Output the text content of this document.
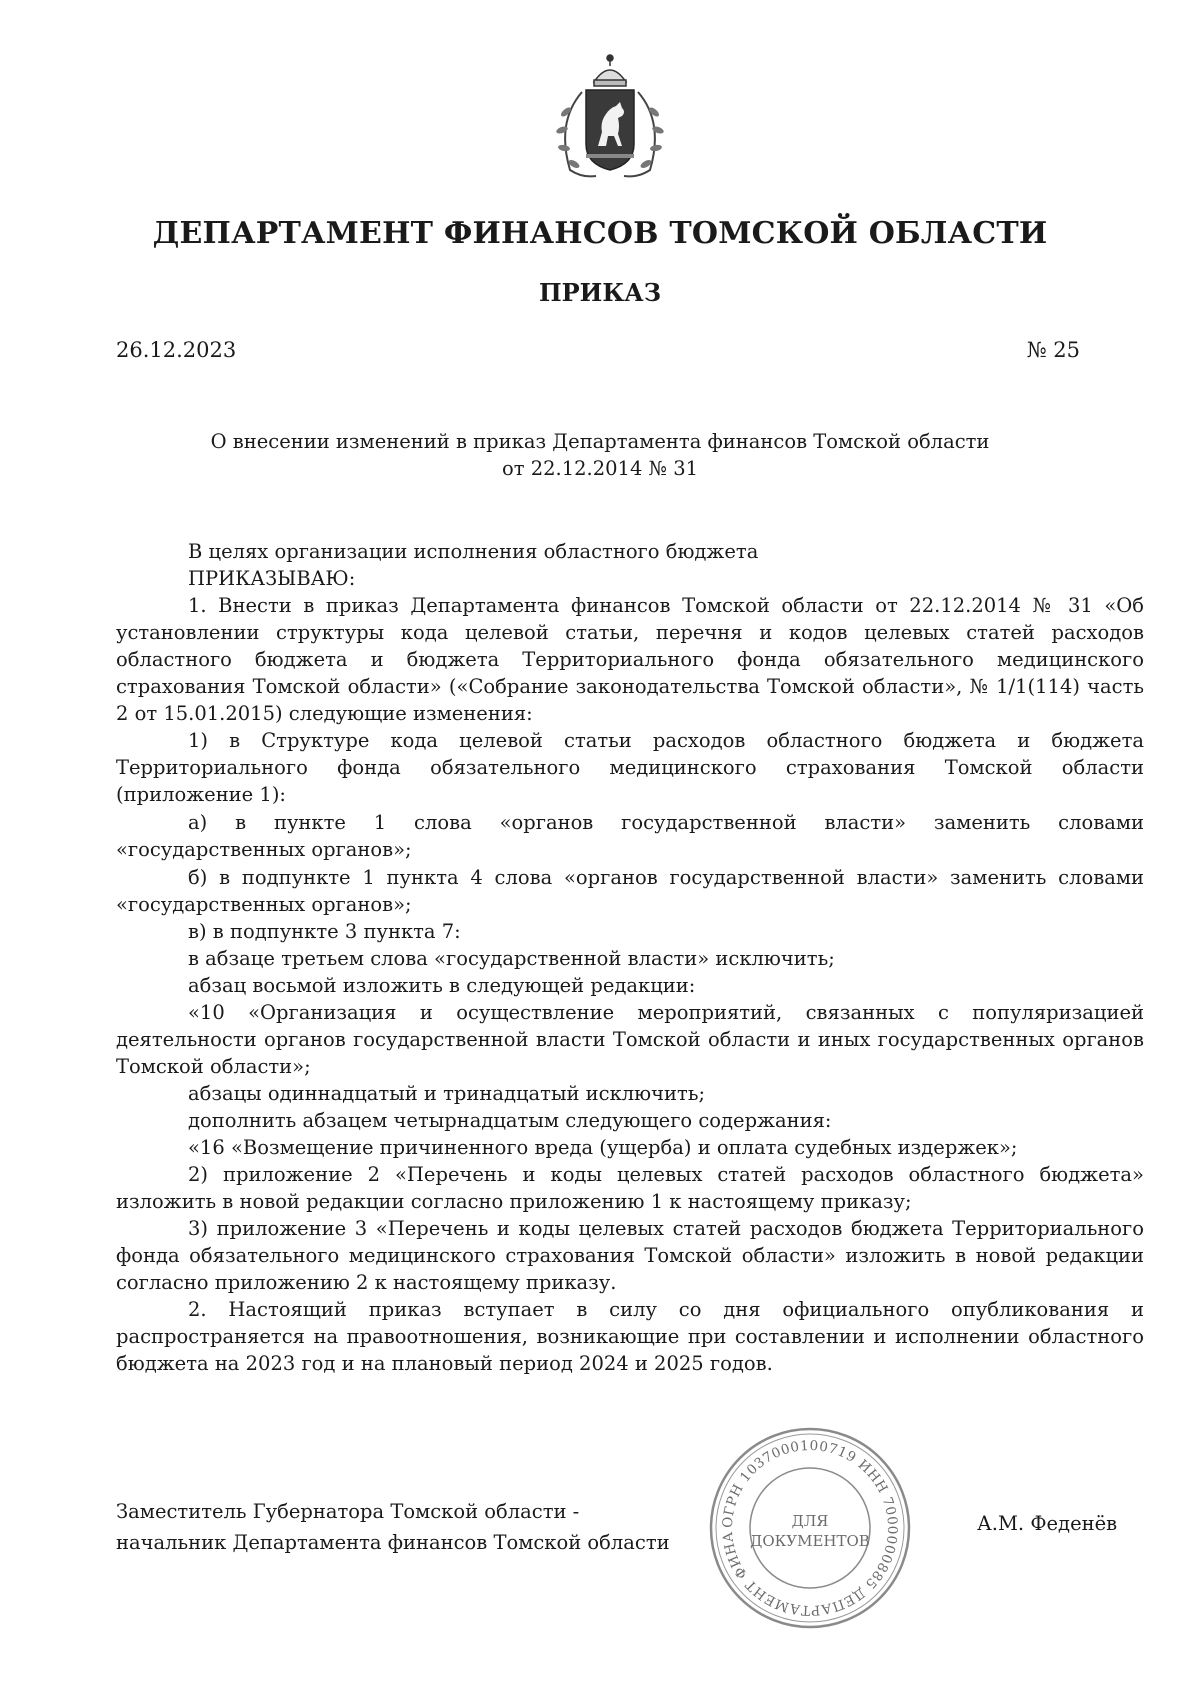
ДЕПАРТАМЕНТ ФИНАНСОВ ТОМСКОЙ ОБЛАСТИ
ПРИКАЗ
26.12.2023	№ 25
О внесении изменений в приказ Департамента финансов Томской области
от 22.12.2014 № 31

В целях организации исполнения областного бюджета

ПРИКАЗЫВАЮ:

1. Внести в приказ Департамента финансов Томской области от 22.12.2014 № 31 «Об установлении структуры кода целевой статьи, перечня и кодов целевых статей расходов областного бюджета и бюджета Территориального фонда обязательного медицинского страхования Томской области» («Собрание законодательства Томской области», № 1/1(114) часть 2 от 15.01.2015) следующие изменения:

1) в Структуре кода целевой статьи расходов областного бюджета и бюджета Территориального фонда обязательного медицинского страхования Томской области (приложение 1):

а) в пункте 1 слова «органов государственной власти» заменить словами «государственных органов»;

б) в подпункте 1 пункта 4 слова «органов государственной власти» заменить словами «государственных органов»;

в) в подпункте 3 пункта 7:

в абзаце третьем слова «государственной власти» исключить;

абзац восьмой изложить в следующей редакции:

«10 «Организация и осуществление мероприятий, связанных с популяризацией деятельности органов государственной власти Томской области и иных государственных органов Томской области»;

абзацы одиннадцатый и тринадцатый исключить;

дополнить абзацем четырнадцатым следующего содержания:

«16 «Возмещение причиненного вреда (ущерба) и оплата судебных издержек»;

2) приложение 2 «Перечень и коды целевых статей расходов областного бюджета» изложить в новой редакции согласно приложению 1 к настоящему приказу;

3) приложение 3 «Перечень и коды целевых статей расходов бюджета Территориального фонда обязательного медицинского страхования Томской области» изложить в новой редакции согласно приложению 2 к настоящему приказу.

2. Настоящий приказ вступает в силу со дня официального опубликования и распространяется на правоотношения, возникающие при составлении и исполнении областного бюджета на 2023 год и на плановый период 2024 и 2025 годов.

Заместитель Губернатора Томской области -
начальник Департамента финансов Томской области
ОГРН 1037000100719 ИНН 7000000885 ДЕПАРТАМЕНТ ФИНА
ДЛЯ
ДОКУМЕНТОВ
А.М. Феденёв
